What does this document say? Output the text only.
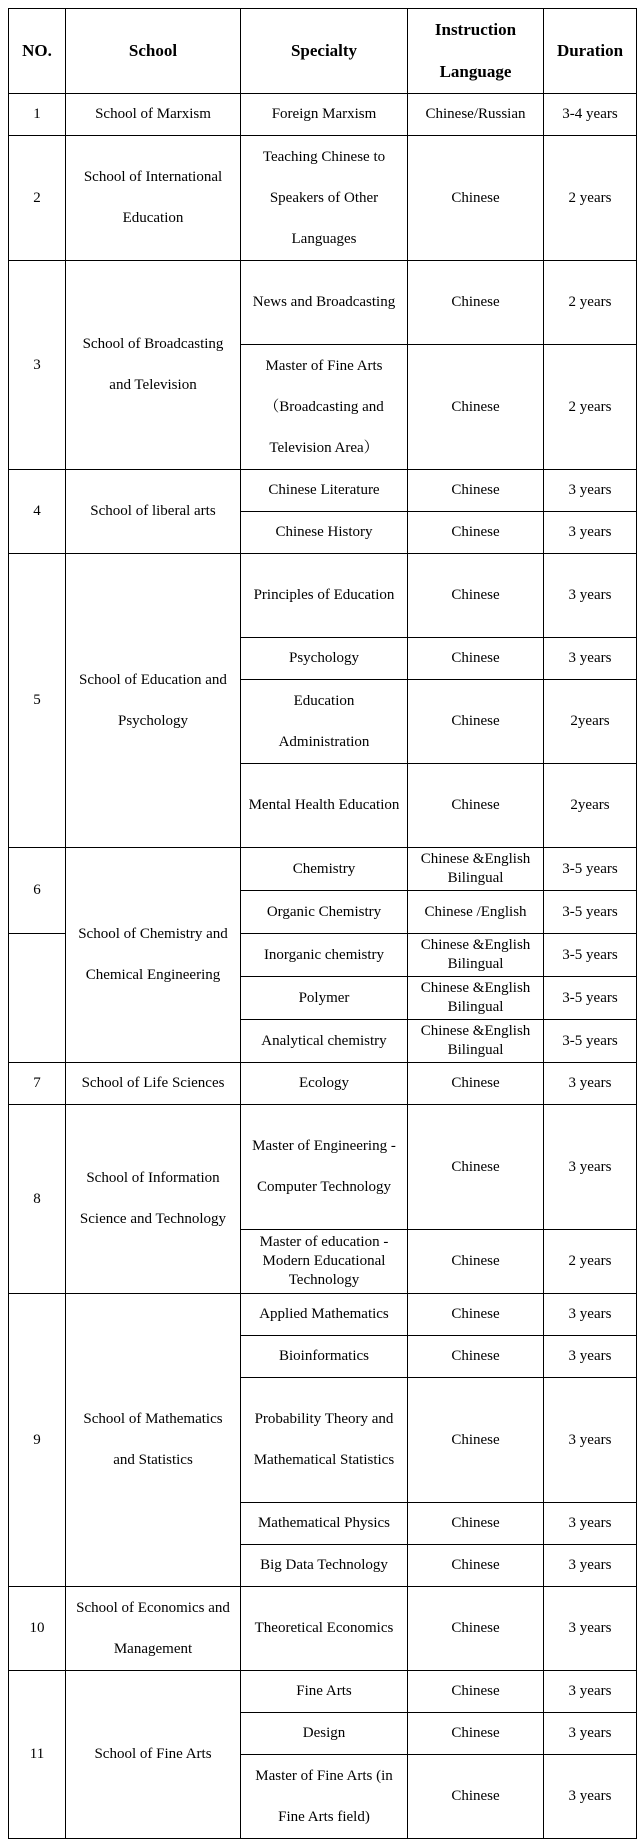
NO.	School	Specialty	Instruction Language	Duration
1	School of Marxism	Foreign Marxism	Chinese/Russian	3-4 years
2	School of International Education	Teaching Chinese to Speakers of Other Languages	Chinese	2 years
3	School of Broadcasting and Television	News and Broadcasting	Chinese	2 years
		Master of Fine Arts（Broadcasting and Television Area）	Chinese	2 years
4	School of liberal arts	Chinese Literature	Chinese	3 years
		Chinese History	Chinese	3 years
5	School of Education and Psychology	Principles of Education	Chinese	3 years
		Psychology	Chinese	3 years
		Education Administration	Chinese	2years
		Mental Health Education	Chinese	2years
6	School of Chemistry and Chemical Engineering	Chemistry	Chinese &English Bilingual	3-5 years
		Organic Chemistry	Chinese /English	3-5 years
		Inorganic chemistry	Chinese &English Bilingual	3-5 years
		Polymer	Chinese &English Bilingual	3-5 years
		Analytical chemistry	Chinese &English Bilingual	3-5 years
7	School of Life Sciences	Ecology	Chinese	3 years
8	School of Information Science and Technology	Master of Engineering - Computer Technology	Chinese	3 years
		Master of education - Modern Educational Technology	Chinese	2 years
9	School of Mathematics and Statistics	Applied Mathematics	Chinese	3 years
		Bioinformatics	Chinese	3 years
		Probability Theory and Mathematical Statistics	Chinese	3 years
		Mathematical Physics	Chinese	3 years
		Big Data Technology	Chinese	3 years
10	School of Economics and Management	Theoretical Economics	Chinese	3 years
11	School of Fine Arts	Fine Arts	Chinese	3 years
		Design	Chinese	3 years
		Master of Fine Arts (in Fine Arts field)	Chinese	3 years
